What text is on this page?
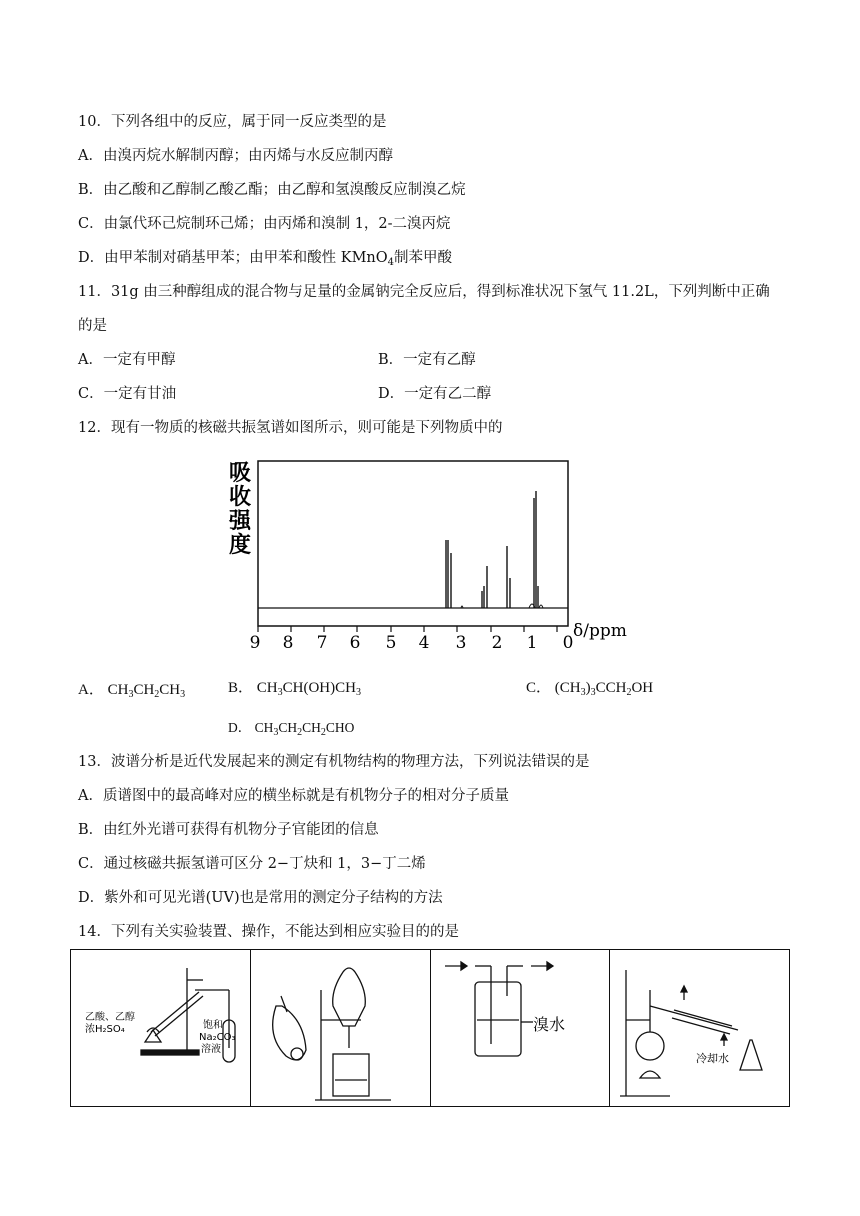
10．下列各组中的反应，属于同一反应类型的是
A．由溴丙烷水解制丙醇；由丙烯与水反应制丙醇
B．由乙酸和乙醇制乙酸乙酯；由乙醇和氢溴酸反应制溴乙烷
C．由氯代环己烷制环己烯；由丙烯和溴制 1，2-二溴丙烷
D．由甲苯制对硝基甲苯；由甲苯和酸性 KMnO$_4$制苯甲酸
11．31g 由三种醇组成的混合物与足量的金属钠完全反应后，得到标准状况下氢气 11.2L，下列判断中正确
的是
A．一定有甲醇	B．一定有乙醇
C．一定有甘油	D．一定有乙二醇
12．现有一物质的核磁共振氢谱如图所示，则可能是下列物质中的
吸
收
强
度
9 8 7 6 5 4 3 2 1 0
δ/ppm
A． $CH_3CH_2CH_3$	B． $CH_3CH(OH)CH_3$	C． $(CH_3)_3CCH_2OH$
D． $CH_3CH_2CH_2CHO$
13．波谱分析是近代发展起来的测定有机物结构的物理方法，下列说法错误的是
A．质谱图中的最高峰对应的横坐标就是有机物分子的相对分子质量
B．由红外光谱可获得有机物分子官能团的信息
C．通过核磁共振氢谱可区分 2−丁炔和 1，3−丁二烯
D．紫外和可见光谱(UV)也是常用的测定分子结构的方法
14．下列有关实验装置、操作，不能达到相应实验目的的是
乙酸、乙醇
浓H₂SO₄	饱和
Na₂CO₃
溶液
溴水
冷却水
